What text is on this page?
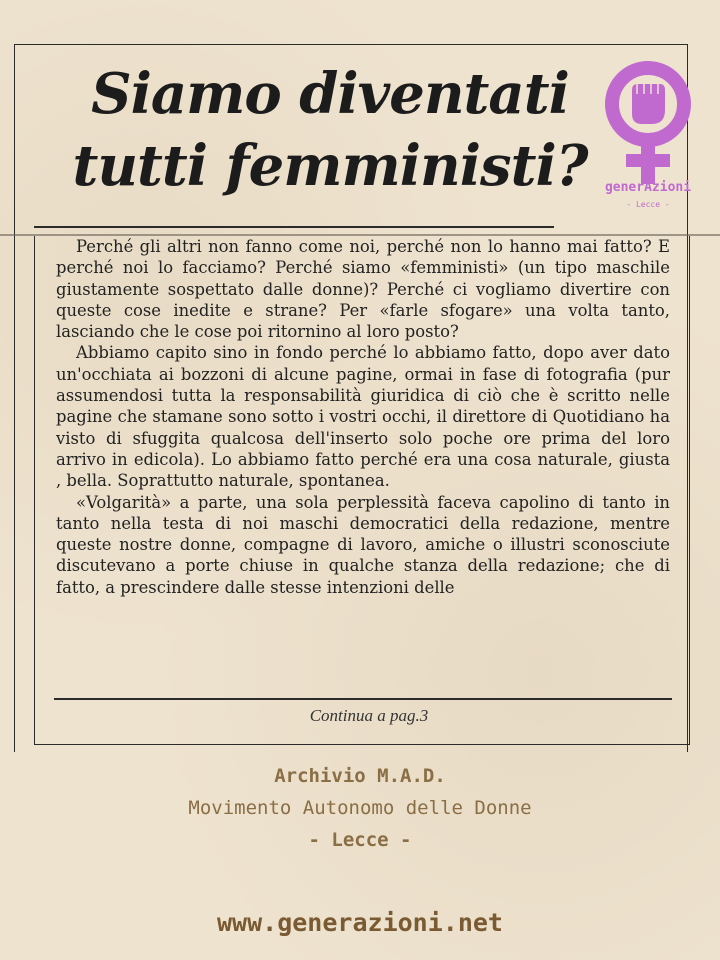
Siamo diventati
tutti femministi?	generAzioni
- Lecce -

Perché gli altri non fanno come noi, perché non lo hanno mai fatto? E perché noi lo facciamo? Perché siamo «femministi» (un tipo maschile giustamente sospettato dalle donne)? Perché ci vogliamo divertire con queste cose inedite e strane? Per «farle sfogare» una volta tanto, lasciando che le cose poi ritornino al loro posto?

Abbiamo capito sino in fondo perché lo abbiamo fatto, dopo aver dato un'occhiata ai bozzoni di alcune pagine, ormai in fase di fotografia (pur assumendosi tutta la responsabilità giuridica di ciò che è scritto nelle pagine che stamane sono sotto i vostri occhi, il direttore di Quotidiano ha visto di sfuggita qualcosa dell'inserto solo poche ore prima del loro arrivo in edicola). Lo abbiamo fatto perché era una cosa naturale, giusta , bella. Soprattutto naturale, spontanea.

«Volgarità» a parte, una sola perplessità faceva capolino di tanto in tanto nella testa di noi maschi democratici della redazione, mentre queste nostre donne, compagne di lavoro, amiche o illustri sconosciute discutevano a porte chiuse in qualche stanza della redazione; che di fatto, a prescindere dalle stesse intenzioni delle

Continua a pag.3
Archivio M.A.D.
Movimento Autonomo delle Donne
- Lecce -
www.generazioni.net
